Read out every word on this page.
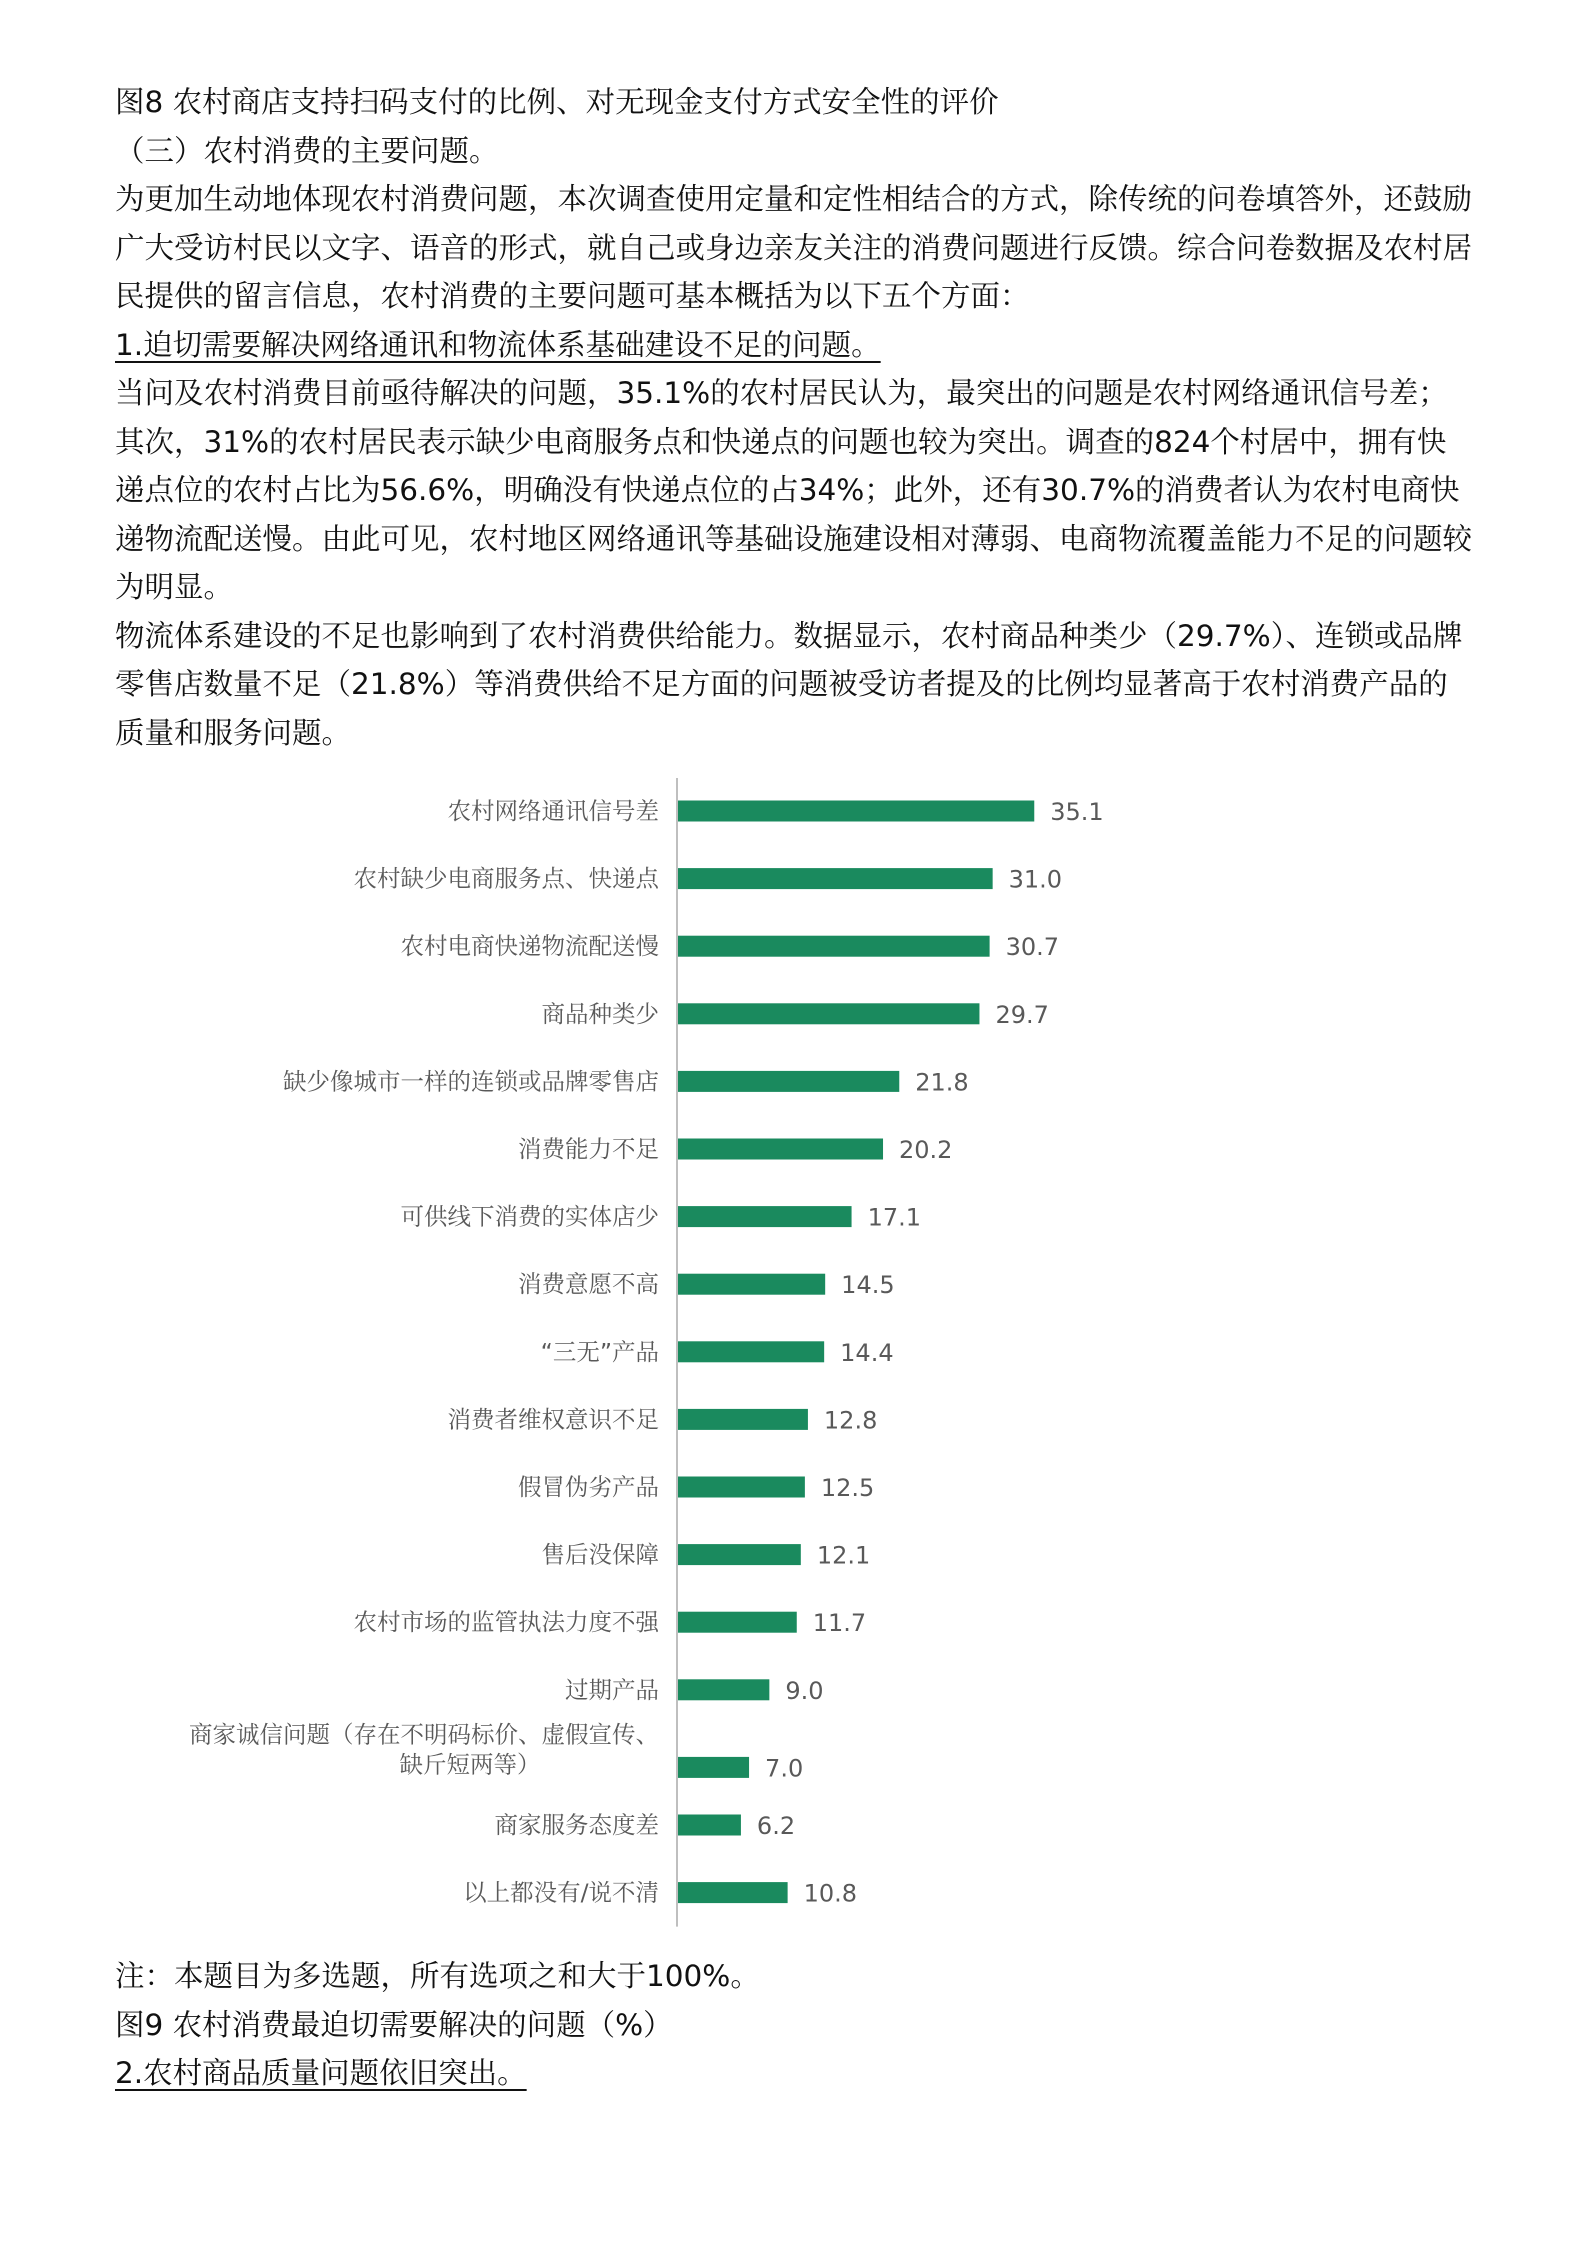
图8 农村商店支持扫码支付的比例、对无现金支付方式安全性的评价

（三）农村消费的主要问题。

为更加生动地体现农村消费问题，本次调查使用定量和定性相结合的方式，除传统的问卷填答外，还鼓励广大受访村民以文字、语音的形式，就自己或身边亲友关注的消费问题进行反馈。综合问卷数据及农村居民提供的留言信息，农村消费的主要问题可基本概括为以下五个方面：

1.迫切需要解决网络通讯和物流体系基础建设不足的问题。

当问及农村消费目前亟待解决的问题，35.1%的农村居民认为，最突出的问题是农村网络通讯信号差；其次，31%的农村居民表示缺少电商服务点和快递点的问题也较为突出。调查的824个村居中，拥有快递点位的农村占比为56.6%，明确没有快递点位的占34%；此外，还有30.7%的消费者认为农村电商快递物流配送慢。由此可见，农村地区网络通讯等基础设施建设相对薄弱、电商物流覆盖能力不足的问题较为明显。

物流体系建设的不足也影响到了农村消费供给能力。数据显示，农村商品种类少（29.7%）、连锁或品牌零售店数量不足（21.8%）等消费供给不足方面的问题被受访者提及的比例均显著高于农村消费产品的质量和服务问题。

农村网络通讯信号差	35.1
农村缺少电商服务点、快递点	31.0
农村电商快递物流配送慢	30.7
商品种类少	29.7
缺少像城市一样的连锁或品牌零售店	21.8
消费能力不足	20.2
可供线下消费的实体店少	17.1
消费意愿不高	14.5
“三无”产品	14.4
消费者维权意识不足	12.8
假冒伪劣产品	12.5
售后没保障	12.1
农村市场的监管执法力度不强	11.7
过期产品	9.0
商家诚信问题（存在不明码标价、虚假宣传、缺斤短两等）	7.0
商家服务态度差	6.2
以上都没有/说不清	10.8

注：本题目为多选题，所有选项之和大于100%。

图9 农村消费最迫切需要解决的问题（%）

2.农村商品质量问题依旧突出。
